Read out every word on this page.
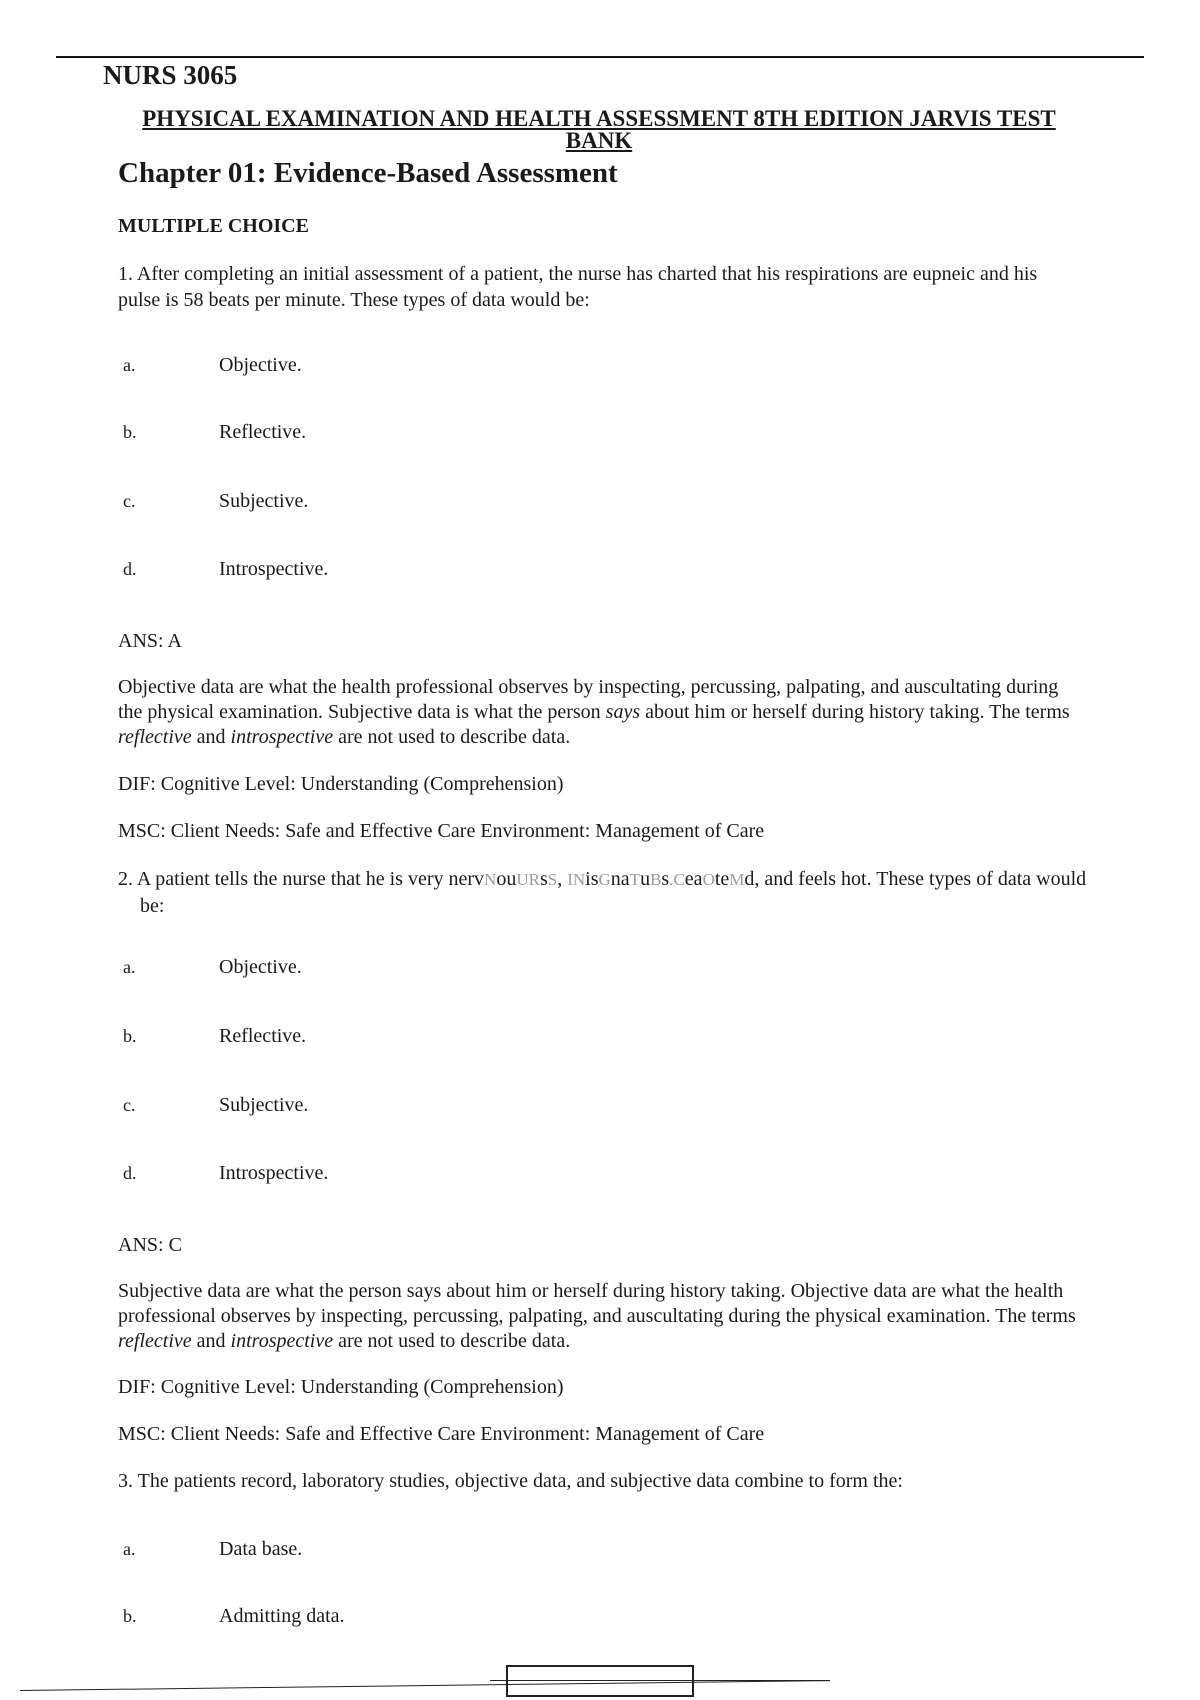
NURS 3065
PHYSICAL EXAMINATION AND HEALTH ASSESSMENT 8TH EDITION JARVIS TEST BANK
Chapter 01: Evidence-Based Assessment
MULTIPLE CHOICE
1. After completing an initial assessment of a patient, the nurse has charted that his respirations are eupneic and his pulse is 58 beats per minute. These types of data would be:
a.	Objective.
b.	Reflective.
c.	Subjective.
d.	Introspective.
ANS: A
Objective data are what the health professional observes by inspecting, percussing, palpating, and auscultating during the physical examination. Subjective data is what the person says about him or herself during history taking. The terms reflective and introspective are not used to describe data.
DIF: Cognitive Level: Understanding (Comprehension)
MSC: Client Needs: Safe and Effective Care Environment: Management of Care
2. A patient tells the nurse that he is very nervNouURsS, INisGnaTuBs.CeaOteMd, and feels hot. These types of data would be:
a.	Objective.
b.	Reflective.
c.	Subjective.
d.	Introspective.
ANS: C
Subjective data are what the person says about him or herself during history taking. Objective data are what the health professional observes by inspecting, percussing, palpating, and auscultating during the physical examination. The terms reflective and introspective are not used to describe data.
DIF: Cognitive Level: Understanding (Comprehension)
MSC: Client Needs: Safe and Effective Care Environment: Management of Care
3. The patients record, laboratory studies, objective data, and subjective data combine to form the:
a.	Data base.
b.	Admitting data.
